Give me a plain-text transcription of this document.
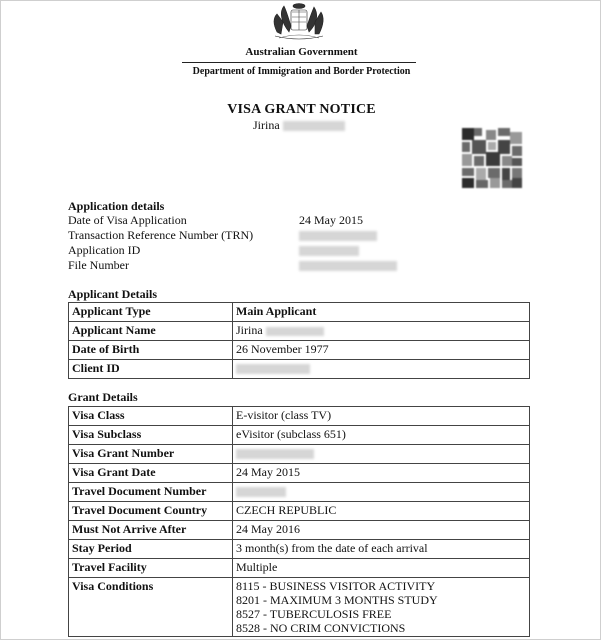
Australian Government
Department of Immigration and Border Protection
VISA GRANT NOTICE
Jirina
Application details
Date of Visa Application	24 May 2015
Transaction Reference Number (TRN)
Application ID
File Number
Applicant Details
Applicant Type	Main Applicant
Applicant Name	Jirina
Date of Birth	26 November 1977
Client ID	
Grant Details
Visa Class	E-visitor (class TV)
Visa Subclass	eVisitor (subclass 651)
Visa Grant Number	
Visa Grant Date	24 May 2015
Travel Document Number	
Travel Document Country	CZECH REPUBLIC
Must Not Arrive After	24 May 2016
Stay Period	3 month(s) from the date of each arrival
Travel Facility	Multiple
Visa Conditions	8115 - BUSINESS VISITOR ACTIVITY
8201 - MAXIMUM 3 MONTHS STUDY
8527 - TUBERCULOSIS FREE
8528 - NO CRIM CONVICTIONS
